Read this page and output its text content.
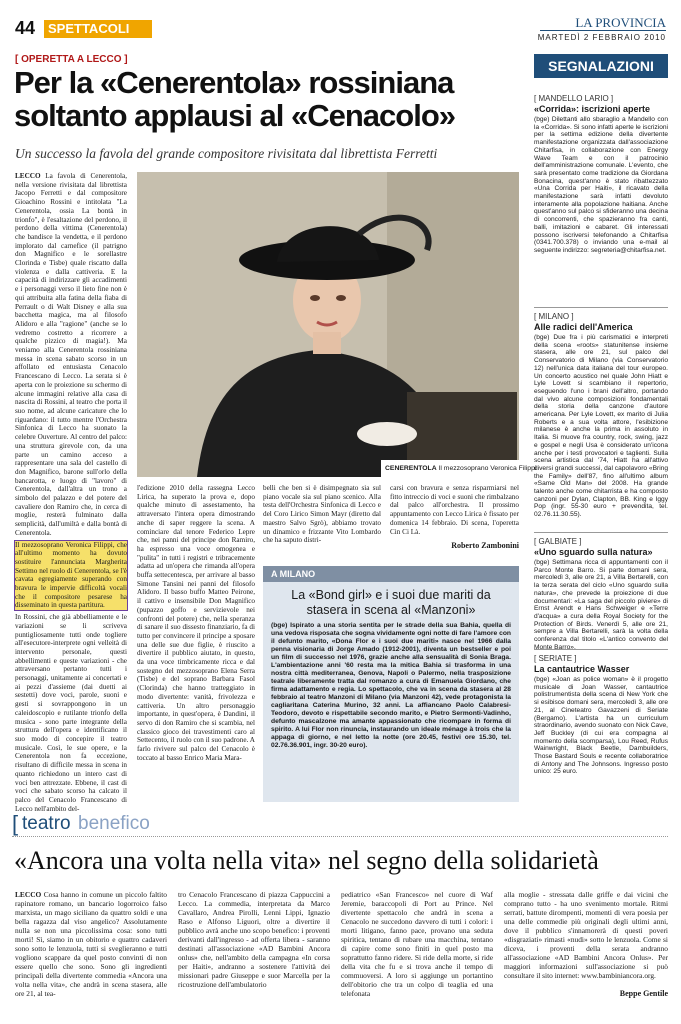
44 SPETTACOLI	LA PROVINCIA
MARTEDÌ 2 FEBBRAIO 2010
[ OPERETTA A LECCO ]
Per la «Cenerentola» rossiniana
soltanto applausi al «Cenacolo»
Un successo la favola del grande compositore rivisitata dal librettista Ferretti

LECCO La favola di Cenerentola, nella versione rivisitata dal librettista Jacopo Ferretti e dal compositore Gioachino Rossini e intitolata "La Cenerentola, ossia La bontà in trionfo", è l'esaltazione del perdono, il perdono della vittima (Cenerentola) che bandisce la vendetta, e il perdono implorato dal carnefice (il patrigno don Magnifico e le sorellastre Clorinda e Tisbe) quale riscatto dalla violenza e dalla cattiveria. E la capacità di indirizzare gli accadimenti e i personaggi verso il lieto fine non è qui attribuita alla fatina della fiaba di Perrault o di Walt Disney e alla sua bacchetta magica, ma al filosofo Alidoro e alla "ragione" (anche se lo vedremo costretto a ricorrere a qualche pizzico di magia!). Ma veniamo alla Cenerentola rossiniana messa in scena sabato scorso in un affollato ed entusiasta Cenacolo Francescano di Lecco. La serata si è aperta con le proiezione su schermo di alcune immagini relative alla casa di nascita di Rossini, al teatro che porta il suo nome, ad alcune caricature che lo riguardano: il tutto mentre l'Orchestra Sinfonica di Lecco ha suonato la celebre Ouverture. Al centro del palco: una struttura girevole con, da una parte un camino acceso a rappresentare una sala del castello di don Magnifico, barone sull'orlo della bancarotta, e luogo di "lavoro" di Cenerentola, dall'altra un trono a simbolo del palazzo e del potere del cavaliere don Ramiro che, in cerca di moglie, resterà fulminato dalla semplicità, dall'umiltà e dalla bontà di Cenerentola.

Il mezzosoprano Veronica Filippi, che all'ultimo momento ha dovuto sostituire l'annunciata Margherita Settimo nel ruolo di Cenerentola, se l'è cavata egregiamente superando con bravura le impervie difficoltà vocali che il compositore pesarese ha disseminato in questa partitura.

In Rossini, che già abbelliamente e le variazioni se li scriveva puntigliosamente tutti onde togliere all'esecutore-interprete ogni velleità di intervento personale, questi abbellimenti e queste variazioni - che attraversano pertanto tutti i personaggi, unitamente ai concertati e ai pezzi d'assieme (dai duetti ai sestetti) dove voci, parole, suoni e gesti si sovrappongono in un caleidoscopio e rutilante trionfo della musica - sono parte integrante della struttura dell'opera e identificano il suo modo di concepire il teatro musicale. Così, le sue opere, e la Cenerentola non fa eccezione, risultano di difficile messa in scena in quanto richiedono un intero cast di voci ben attrezzate. Ebbene, il cast di voci che sabato scorso ha calcato il palco del Cenacolo Francescano di Lecco nell'ambito del-

CENERENTOLA Il mezzosoprano Veronica Filippi
l'edizione 2010 della rassegna Lecco Lirica, ha superato la prova e, dopo qualche minuto di assestamento, ha attraversato l'intera opera dimostrando anche di saper reggere la scena. A cominciare dal tenore Federico Lepre che, nei panni del principe don Ramiro, ha espresso una voce omogenea e "pulita" in tutti i registri e tribracemente adatta ad un'opera che rimanda all'opera buffa settecentesca, per arrivare al basso Simone Tansini nei panni del filosofo Alidoro. Il basso buffo Matteo Peirone, il cattivo e insensibile Don Magnifico (pupazzo goffo e servizievole nei confronti del potere) che, nella speranza di sanare il suo dissesto finanziario, fa di tutto per convincere il principe a sposare una delle sue due figlie, è riuscito a divertire il pubblico aiutato, in questo, da una voce timbricamente ricca e dal sostegno del mezzosoprano Elena Serra (Tisbe) e del soprano Barbara Fasol (Clorinda) che hanno tratteggiato in modo divertente: vanità, frivolezza e cattiveria. Un altro personaggio importante, in quest'opera, è Dandini, il servo di don Ramiro che si scambia, nel classico gioco dei travestimenti caro al Settecento, il ruolo con il suo padrone. A farlo rivivere sul palco del Cenacolo è toccato al basso Enrico Maria Mara-
belli che ben si è disimpegnato sia sul piano vocale sia sul piano scenico. Alla testa dell'Orchestra Sinfonica di Lecco e del Coro Lirico Simon Mayr (diretto dal maestro Salvo Sgrò), abbiamo trovato un dinamico e frizzante Vito Lombardo che ha saputo distri-
carsi con bravura e senza risparmiarsi nel fitto intreccio di voci e suoni che rimbalzano dal palco all'orchestra. Il prossimo appuntamento con Lecco Lirica è fissato per domenica 14 febbraio. Di scena, l'operetta Cin Ci Là.
Roberto Zambonini
A MILANO
La «Bond girl» e i suoi due mariti da stasera in scena al «Manzoni»
(bge) Ispirato a una storia sentita per le strade della sua Bahia, quella di una vedova risposata che sogna vividamente ogni notte di fare l'amore con il defunto marito, «Dona Flor e i suoi due mariti» nasce nel 1966 dalla penna visionaria di Jorge Amado (1912-2001), diventa un bestseller e poi un film di successo nel 1976, grazie anche alla sensualità di Sonia Braga. L'ambientazione anni '60 resta ma la mitica Bahia si trasforma in una nostra città mediterranea, Genova, Napoli o Palermo, nella trasposizione teatrale liberamente tratta dal romanzo a cura di Emanuela Giordano, che firma adattamento e regia. Lo spettacolo, che va in scena da stasera al 28 febbraio al teatro Manzoni di Milano (via Manzoni 42), vede protagonista la cagliaritana Caterina Murino, 32 anni. La affiancano Paolo Calabresi-Teodoro, devoto e rispettabile secondo marito, e Pietro Sermonti-Vadinho, defunto mascalzone ma amante appassionato che ricompare in forma di spirito. A lui Flor non rinuncia, instaurando un ideale ménage à trois che la appaga di giorno, e nel letto la notte (ore 20.45, festivi ore 15.30, tel. 02.76.36.901, ingr. 30-20 euro).
SEGNALAZIONI
[ MANDELLO LARIO ]
«Corrida»: iscrizioni aperte
(bge) Dilettanti allo sbaraglio a Mandello con la «Corrida». Si sono infatti aperte le iscrizioni per la settima edizione della divertente manifestazione organizzata dall'associazione Chitarfisa, in collaborazione con Energy Wave Team e con il patrocinio dell'amministrazione comunale. L'evento, che sarà presentato come tradizione da Giordana Bonacina, quest'anno è stato ribattezzato «Una Corrida per Haiti», il ricavato della manifestazione sarà infatti devoluto interamente alla popolazione haitiana. Anche quest'anno sul palco si sfideranno una decina di concorrenti, che spazieranno fra canti, balli, imitazioni e cabaret. Gli interessati possono iscriversi telefonando a Chitarfisa (0341.700.378) o inviando una e-mail al seguente indirizzo: segreteria@chitarfisa.net.
[ MILANO ]
Alle radici dell'America
(bge) Due fra i più carismatici e interpreti della scena «roots» statunitense insieme stasera, alle ore 21, sul palco del Conservatorio di Milano (via Conservatorio 12) nell'unica data italiana del tour europeo. Un concerto acustico nel quale John Hiatt e Lyle Lovett si scambiano il repertorio, eseguendo l'uno i brani dell'altro, portando dal vivo alcune composizioni fondamentali della storia della canzone d'autore americana. Per Lyle Lovett, ex marito di Julia Roberts e a sua volta attore, l'esibizione milanese è anche la prima in assoluto in Italia. Si muove fra country, rock, swing, jazz e gospel e negli Usa è considerato un'icona anche per i testi provocatori e taglienti. Sulla scena artistica dal '74, Hiatt ha all'attivo diversi grandi successi, dal capolavoro «Bring the Family» dell'87, fino all'ultimo album «Same Old Man» del 2008. Ha grande talento anche come chitarrista e ha composto canzoni per Dylan, Clapton, BB. King e Iggy Pop (ingr. 55-30 euro + prevendita, tel. 02.76.11.30.55).
[ GALBIATE ]
«Uno sguardo sulla natura»
(bge) Settimana ricca di appuntamenti con il Parco Monte Barro. Si parte domani sera, mercoledì 3, alle ore 21, a Villa Bertarelli, con la terza serata del ciclo «Uno sguardo sulla natura», che prevede la proiezione di due documentari: «La saga del piccolo piviere» di Ernst Arendt e Hans Schweiger e «Terre d'acqua» a cura della Royal Society for the Protection of Birds. Venerdì 5, alle ore 21, sempre a Villa Bertarelli, sarà la volta della conferenza dal titolo «L'antico convento del Monte Barro».
[ SERIATE ]
La cantautrice Wasser
(bge) «Joan as police woman» è il progetto musicale di Joan Wasser, cantautrice polistrumentista della scena di New York che si esibisce domani sera, mercoledì 3, alle ore 21, al Cineteatro Gavazzeni di Seriate (Bergamo). L'artista ha un curriculum straordinario, avendo suonato con Nick Cave, Jeff Buckley (di cui era compagna al momento della scomparsa), Lou Reed, Rufus Wainwright, Black Beetle, Dambuilders, Those Bastard Souls e recente collaboratrice di Antony and The Johnsons. Ingresso posto unico: 25 euro.
[ teatro benefico
«Ancora una volta nella vita» nel segno della solidarietà

LECCO Cosa hanno in comune un piccolo faltito rapinatore romano, un bancario logorroico falso marxista, un mago siciliano da quattro soldi e una bella ragazza dal viso angelico? Assolutamente nulla se non una piccolissima cosa: sono tutti morti! Sì, siamo in un obitorio e quattro cadaveri sono sotto le lenzuola, tutti si sveglieranno e tutti vogliono scappare da quel posto convinti di non essere quello che sono. Sono gli ingredienti principali della divertente commedia «Ancora una volta nella vita», che andrà in scena stasera, alle ore 21, al tea-

tro Cenacolo Francescano di piazza Cappuccini a Lecco. La commedia, interpretata da Marco Cavallaro, Andrea Pirolli, Lenni Lippi, Ignazio Raso e Alfonso Liguori, oltre a divertire il pubblico avrà anche uno scopo benefico: i proventi derivanti dall'ingresso - ad offerta libera - saranno destinati all'associazione «AD Bambini Ancora onlus» che, nell'ambito della campagna «In corsa per Haiti», andranno a sostenere l'attività dei missionari padre Giuseppe e suor Marcella per la ricostruzione dell'ambulatorio
pediatrico «San Francesco» nel cuore di Waf Jeremie, baraccopoli di Port au Prince. Nel divertente spettacolo che andrà in scena a Cenacolo ne succedono davvero di tutti i colori: i morti litigano, fanno pace, provano una seduta spiritica, tentano di rubare una macchina, tentano di capire come sono finiti in quel posto ma soprattutto fanno ridere. Si ride della morte, si ride della vita che fu e si trova anche il tempo di commuoversi. A loro si aggiunge un portantino dell'obitorio che tra un colpo di teaglia ed una telefonata
alla moglie - stressata dalle griffe e dai vicini che comprano tutto - ha uno svenimento mortale. Ritmi serrati, battute dirompenti, momenti di vera poesia per una delle commedie più originali degli ultimi anni, dove il pubblico s'innamorerà di questi poveri «disgraziati» rimasti «nudi» sotto le lenzuola. Come si diceva, i proventi della serata andranno all'associazione «AD Bambini Ancora Onlus». Per maggiori informazioni sull'associazione si può consultare il sito internet: www.bambiniancora.org.
Beppe Gentile
